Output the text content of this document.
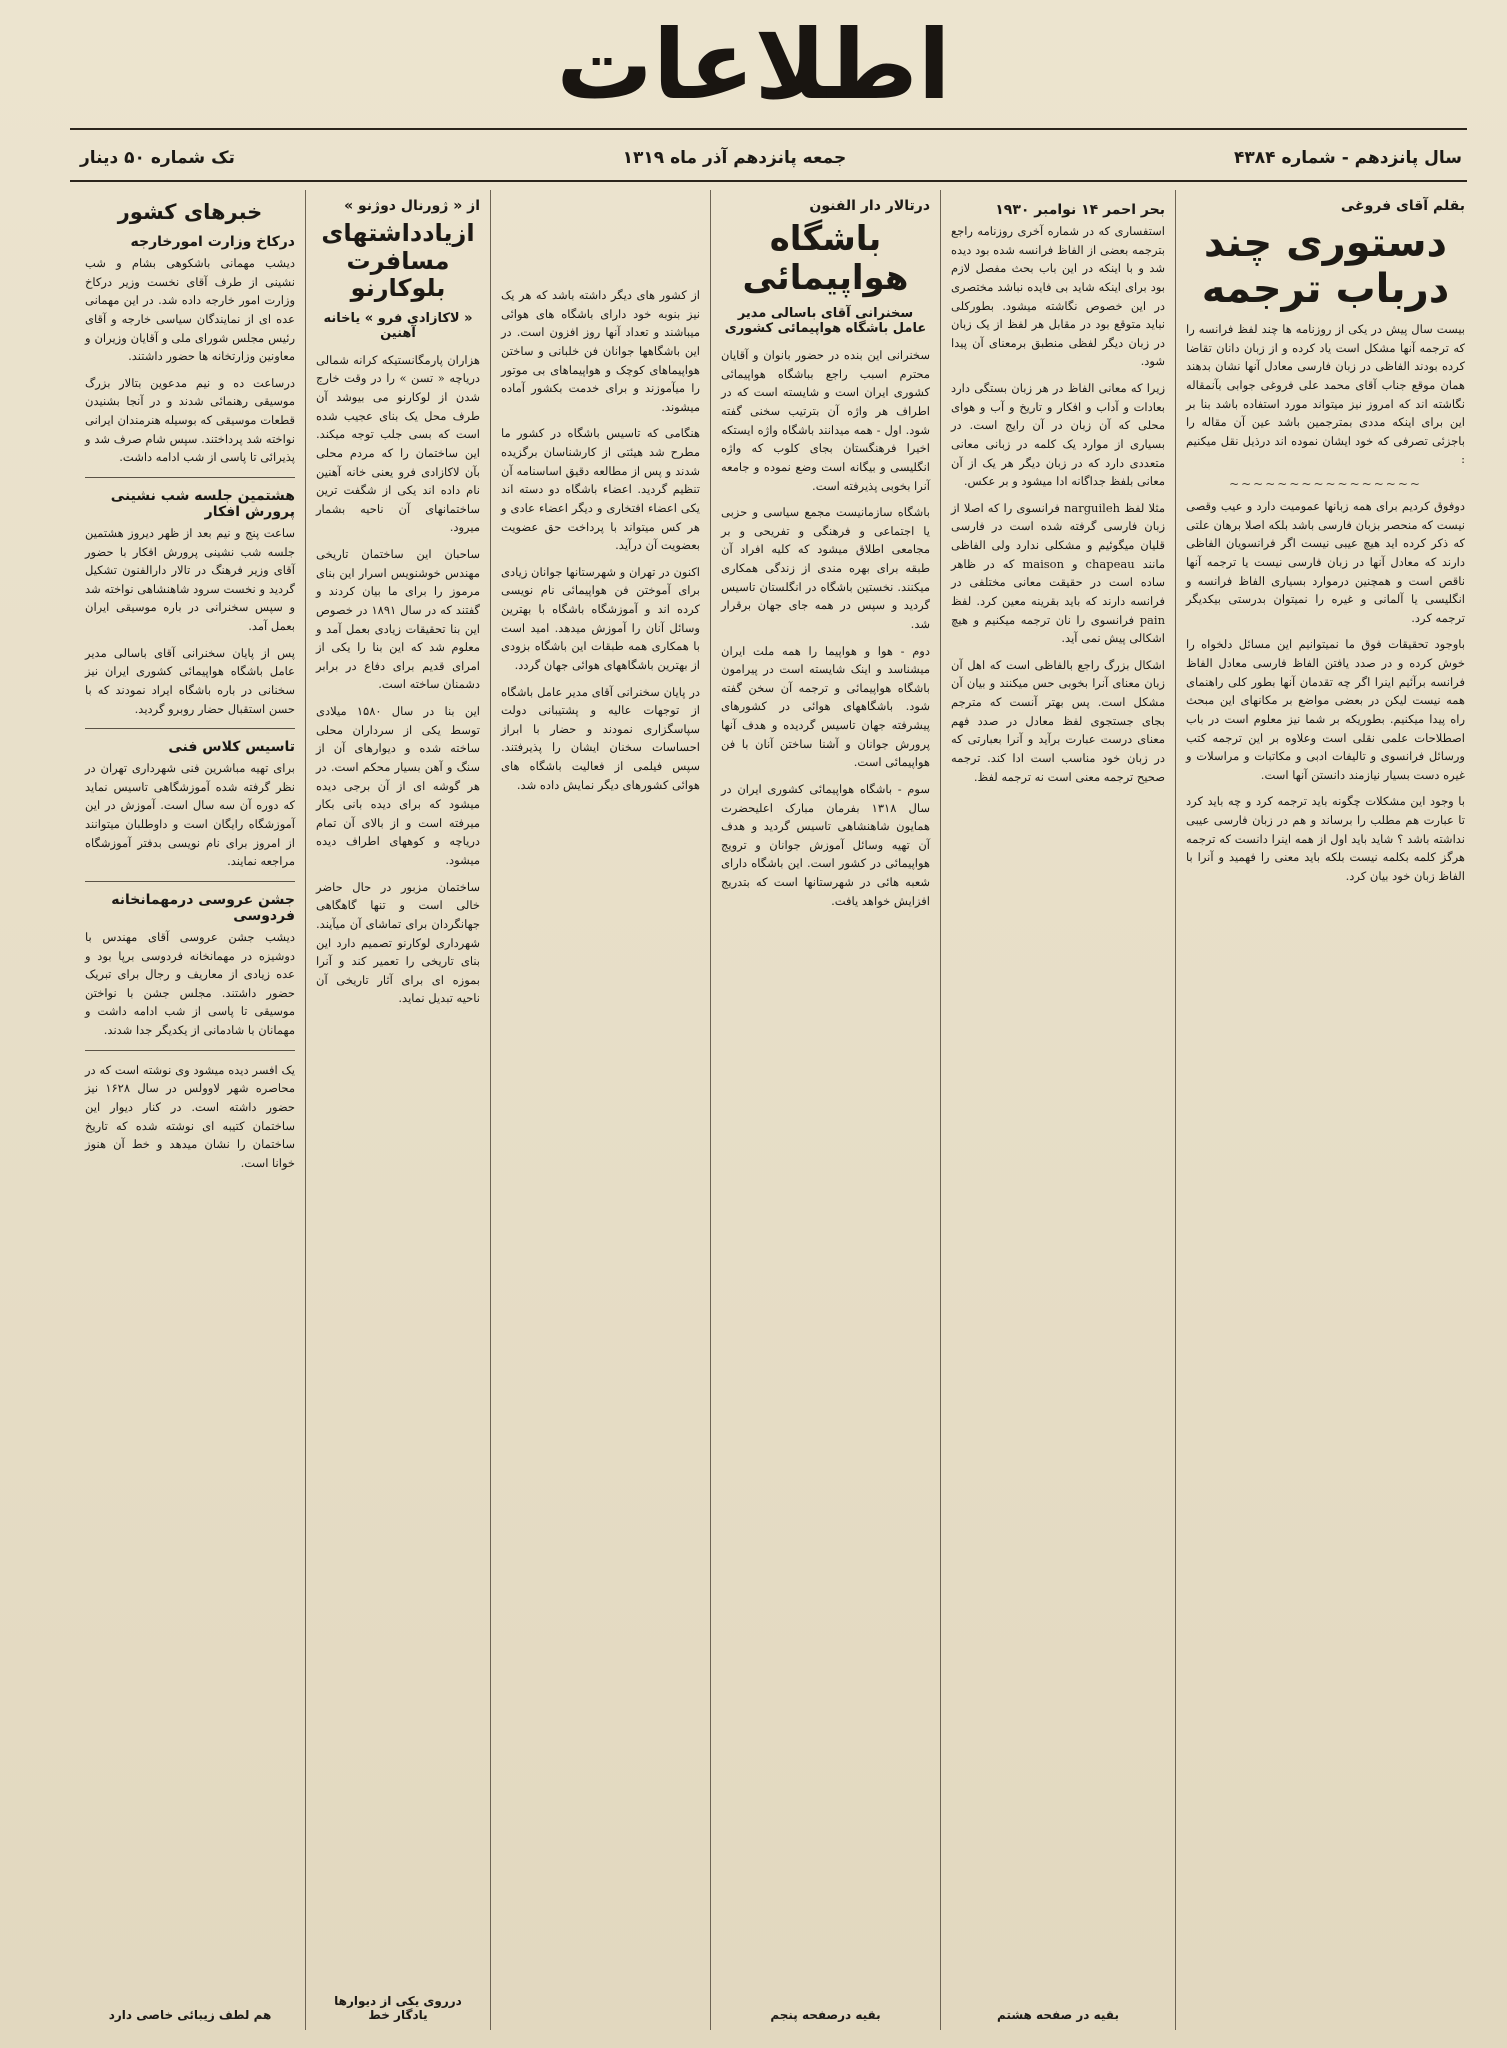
اطلاعات
سال پانزدهم - شماره ۴۳۸۴
جمعه پانزدهم آذر ماه ۱۳۱۹
تک شماره ۵۰ دینار
بقلم آقای فروغی
دستوری چند درباب ترجمه

بیست سال پیش در یکی از روزنامه ها چند لفظ فرانسه را که ترجمه آنها مشکل است یاد کرده و از زبان دانان تقاضا کرده بودند الفاظی در زبان فارسی معادل آنها نشان بدهند همان موقع جناب آقای محمد علی فروغی جوابی بآنمقاله نگاشته اند که امروز نیز میتواند مورد استفاده باشد بنا بر این برای اینکه مددی بمترجمین باشد عین آن مقاله را باجزئی تصرفی که خود ایشان نموده اند درذیل نقل میکنیم :

~~~~~~~~~~~~~~~~

دوفوق کردیم برای همه زبانها عمومیت دارد و عیب وقصی نیست که منحصر بزبان فارسی باشد بلکه اصلا برهان علتی که ذکر کرده اید هیچ عیبی نیست اگر فرانسویان الفاظی دارند که معادل آنها در زبان فارسی نیست یا ترجمه آنها ناقص است و همچنین درموارد بسیاری الفاظ فرانسه و انگلیسی یا آلمانی و غیره را نمیتوان بدرستی بیکدیگر ترجمه کرد.

باوجود تحقیقات فوق ما نمیتوانیم این مسائل دلخواه را خوش کرده و در صدد یافتن الفاظ فارسی معادل الفاظ فرانسه برآئیم اینرا اگر چه تقدمان آنها بطور کلی راهنمای همه نیست لیکن در بعضی مواضع بر مکانهای این مبحث راه پیدا میکنیم. بطوریکه بر شما نیز معلوم است در باب اصطلاحات علمی نقلی است وعلاوه بر این ترجمه کتب ورسائل فرانسوی و تالیفات ادبی و مکاتبات و مراسلات و غیره دست بسیار نیازمند دانستن آنها است.

با وجود این مشکلات چگونه باید ترجمه کرد و چه باید کرد تا عبارت هم مطلب را برساند و هم در زبان فارسی عیبی نداشته باشد ؟ شاید باید اول از همه اینرا دانست که ترجمه هرگز کلمه بکلمه نیست بلکه باید معنی را فهمید و آنرا با الفاظ زبان خود بیان کرد.

بحر احمر ۱۴ نوامبر ۱۹۳۰

استفساری که در شماره آخری روزنامه راجع بترجمه بعضی از الفاظ فرانسه شده بود دیده شد و با اینکه در این باب بحث مفصل لازم بود برای اینکه شاید بی فایده نباشد مختصری در این خصوص نگاشته میشود. بطورکلی نباید متوقع بود در مقابل هر لفظ از یک زبان در زبان دیگر لفظی منطبق برمعنای آن پیدا شود.

زیرا که معانی الفاظ در هر زبان بستگی دارد بعادات و آداب و افکار و تاریخ و آب و هوای محلی که آن زبان در آن رایج است. در بسیاری از موارد یک کلمه در زبانی معانی متعددی دارد که در زبان دیگر هر یک از آن معانی بلفظ جداگانه ادا میشود و بر عکس.

مثلا لفظ narguileh فرانسوی را که اصلا از زبان فارسی گرفته شده است در فارسی قلیان میگوئیم و مشکلی ندارد ولی الفاظی مانند chapeau و maison که در ظاهر ساده است در حقیقت معانی مختلفی در فرانسه دارند که باید بقرینه معین کرد. لفظ pain فرانسوی را نان ترجمه میکنیم و هیچ اشکالی پیش نمی آید.

اشکال بزرگ راجع بالفاظی است که اهل آن زبان معنای آنرا بخوبی حس میکنند و بیان آن مشکل است. پس بهتر آنست که مترجم بجای جستجوی لفظ معادل در صدد فهم معنای درست عبارت برآید و آنرا بعبارتی که در زبان خود مناسب است ادا کند. ترجمه صحیح ترجمه معنی است نه ترجمه لفظ.

بقیه در صفحه هشتم
درتالار دار الفنون
باشگاه هواپیمائی
سخنرانی آقای باسالی مدیر عامل باشگاه هواپیمائی کشوری

سخنرانی این بنده در حضور بانوان و آقایان محترم اسبب راجع بباشگاه هواپیمائی کشوری ایران است و شایسته است که در اطراف هر واژه آن بترتیب سخنی گفته شود. اول - همه میدانند باشگاه واژه ایستکه اخیرا فرهنگستان بجای کلوب که واژه انگلیسی و بیگانه است وضع نموده و جامعه آنرا بخوبی پذیرفته است.

باشگاه سازمانیست مجمع سیاسی و حزبی یا اجتماعی و فرهنگی و تفریحی و بر مجامعی اطلاق میشود که کلیه افراد آن طبقه برای بهره مندی از زندگی همکاری میکنند. نخستین باشگاه در انگلستان تاسیس گردید و سپس در همه جای جهان برقرار شد.

دوم - هوا و هواپیما را همه ملت ایران میشناسد و اینک شایسته است در پیرامون باشگاه هواپیمائی و ترجمه آن سخن گفته شود. باشگاههای هوائی در کشورهای پیشرفته جهان تاسیس گردیده و هدف آنها پرورش جوانان و آشنا ساختن آنان با فن هواپیمائی است.

سوم - باشگاه هواپیمائی کشوری ایران در سال ۱۳۱۸ بفرمان مبارک اعلیحضرت همایون شاهنشاهی تاسیس گردید و هدف آن تهیه وسائل آموزش جوانان و ترویج هواپیمائی در کشور است. این باشگاه دارای شعبه هائی در شهرستانها است که بتدریج افزایش خواهد یافت.

بقیه درصفحه پنجم

از کشور های دیگر داشته باشد که هر یک نیز بنوبه خود دارای باشگاه های هوائی میباشند و تعداد آنها روز افزون است. در این باشگاهها جوانان فن خلبانی و ساختن هواپیماهای کوچک و هواپیماهای بی موتور را میآموزند و برای خدمت بکشور آماده میشوند.

هنگامی که تاسیس باشگاه در کشور ما مطرح شد هیئتی از کارشناسان برگزیده شدند و پس از مطالعه دقیق اساسنامه آن تنظیم گردید. اعضاء باشگاه دو دسته اند یکی اعضاء افتخاری و دیگر اعضاء عادی و هر کس میتواند با پرداخت حق عضویت بعضویت آن درآید.

اکنون در تهران و شهرستانها جوانان زیادی برای آموختن فن هواپیمائی نام نویسی کرده اند و آموزشگاه باشگاه با بهترین وسائل آنان را آموزش میدهد. امید است با همکاری همه طبقات این باشگاه بزودی از بهترین باشگاههای هوائی جهان گردد.

در پایان سخنرانی آقای مدیر عامل باشگاه از توجهات عالیه و پشتیبانی دولت سپاسگزاری نمودند و حضار با ابراز احساسات سخنان ایشان را پذیرفتند. سپس فیلمی از فعالیت باشگاه های هوائی کشورهای دیگر نمایش داده شد.

از « ژورنال دوژنو »
ازیادداشتهای مسافرت بلوکارنو
« لاکازادی فرو » یاخانه آهنین

هزاران پارمگانستیکه کرانه شمالی دریاچه « تسن » را در وقت خارج شدن از لوکارنو می بیوشد آن طرف محل یک بنای عجیب شده است که بسی جلب توجه میکند. این ساختمان را که مردم محلی بآن لاکازادی فرو یعنی خانه آهنین نام داده اند یکی از شگفت ترین ساختمانهای آن ناحیه بشمار میرود.

ساحبان این ساختمان تاریخی مهندس خوشنویس اسرار این بنای مرموز را برای ما بیان کردند و گفتند که در سال ۱۸۹۱ در خصوص این بنا تحقیقات زیادی بعمل آمد و معلوم شد که این بنا را یکی از امرای قدیم برای دفاع در برابر دشمنان ساخته است.

این بنا در سال ۱۵۸۰ میلادی توسط یکی از سرداران محلی ساخته شده و دیوارهای آن از سنگ و آهن بسیار محکم است. در هر گوشه ای از آن برجی دیده میشود که برای دیده بانی بکار میرفته است و از بالای آن تمام دریاچه و کوههای اطراف دیده میشود.

ساختمان مزبور در حال حاضر خالی است و تنها گاهگاهی جهانگردان برای تماشای آن میآیند. شهرداری لوکارنو تصمیم دارد این بنای تاریخی را تعمیر کند و آنرا بموزه ای برای آثار تاریخی آن ناحیه تبدیل نماید.

درروی یکی از دیوارها یادگار خط
خبرهای کشور
درکاخ وزارت امورخارجه

دیشب مهمانی باشکوهی بشام و شب نشینی از طرف آقای نخست وزیر درکاخ وزارت امور خارجه داده شد. در این مهمانی عده ای از نمایندگان سیاسی خارجه و آقای رئیس مجلس شورای ملی و آقایان وزیران و معاونین وزارتخانه ها حضور داشتند.

درساعت ده و نیم مدعوین بتالار بزرگ موسیقی رهنمائی شدند و در آنجا بشنیدن قطعات موسیقی که بوسیله هنرمندان ایرانی نواخته شد پرداختند. سپس شام صرف شد و پذیرائی تا پاسی از شب ادامه داشت.

هشتمین جلسه شب نشینی پرورش افکار

ساعت پنج و نیم بعد از ظهر دیروز هشتمین جلسه شب نشینی پرورش افکار با حضور آقای وزیر فرهنگ در تالار دارالفنون تشکیل گردید و نخست سرود شاهنشاهی نواخته شد و سپس سخنرانی در باره موسیقی ایران بعمل آمد.

پس از پایان سخنرانی آقای باسالی مدیر عامل باشگاه هواپیمائی کشوری ایران نیز سخنانی در باره باشگاه ایراد نمودند که با حسن استقبال حضار روبرو گردید.

تاسیس کلاس فنی

برای تهیه مباشرین فنی شهرداری تهران در نظر گرفته شده آموزشگاهی تاسیس نماید که دوره آن سه سال است. آموزش در این آموزشگاه رایگان است و داوطلبان میتوانند از امروز برای نام نویسی بدفتر آموزشگاه مراجعه نمایند.

جشن عروسی درمهمانخانه فردوسی

دیشب جشن عروسی آقای مهندس با دوشیزه در مهمانخانه فردوسی برپا بود و عده زیادی از معاریف و رجال برای تبریک حضور داشتند. مجلس جشن با نواختن موسیقی تا پاسی از شب ادامه داشت و مهمانان با شادمانی از یکدیگر جدا شدند.

یک افسر دیده میشود وی نوشته است که در محاصره شهر لاوولس در سال ۱۶۲۸ نیز حضور داشته است. در کنار دیوار این ساختمان کتیبه ای نوشته شده که تاریخ ساختمان را نشان میدهد و خط آن هنوز خوانا است.

هم لطف زیبائی خاصی دارد
